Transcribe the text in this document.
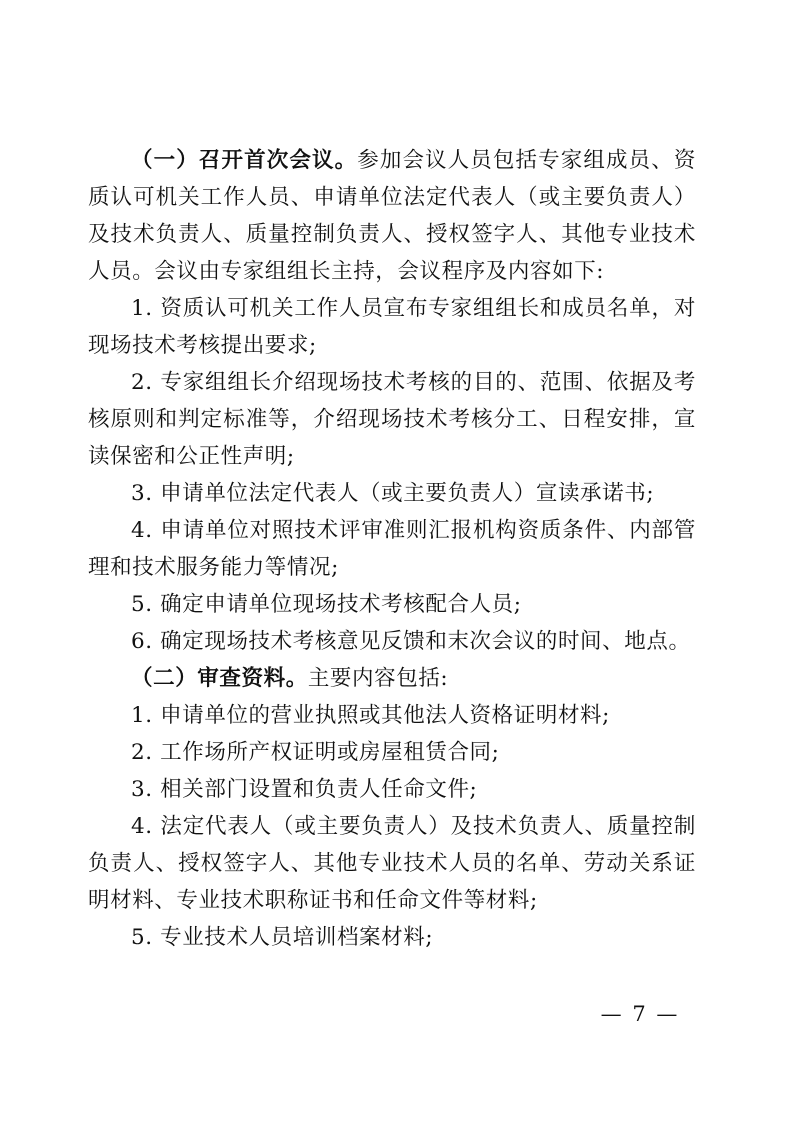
（一）召开首次会议。参加会议人员包括专家组成员、资质认可机关工作人员、申请单位法定代表人（或主要负责人）及技术负责人、质量控制负责人、授权签字人、其他专业技术人员。会议由专家组组长主持，会议程序及内容如下:

1. 资质认可机关工作人员宣布专家组组长和成员名单，对现场技术考核提出要求;

2. 专家组组长介绍现场技术考核的目的、范围、依据及考核原则和判定标准等，介绍现场技术考核分工、日程安排，宣读保密和公正性声明;

3. 申请单位法定代表人（或主要负责人）宣读承诺书;

4. 申请单位对照技术评审准则汇报机构资质条件、内部管理和技术服务能力等情况;

5. 确定申请单位现场技术考核配合人员;

6. 确定现场技术考核意见反馈和末次会议的时间、地点。

（二）审查资料。主要内容包括:

1. 申请单位的营业执照或其他法人资格证明材料;

2. 工作场所产权证明或房屋租赁合同;

3. 相关部门设置和负责人任命文件;

4. 法定代表人（或主要负责人）及技术负责人、质量控制负责人、授权签字人、其他专业技术人员的名单、劳动关系证明材料、专业技术职称证书和任命文件等材料;

5. 专业技术人员培训档案材料;

— 7 —
